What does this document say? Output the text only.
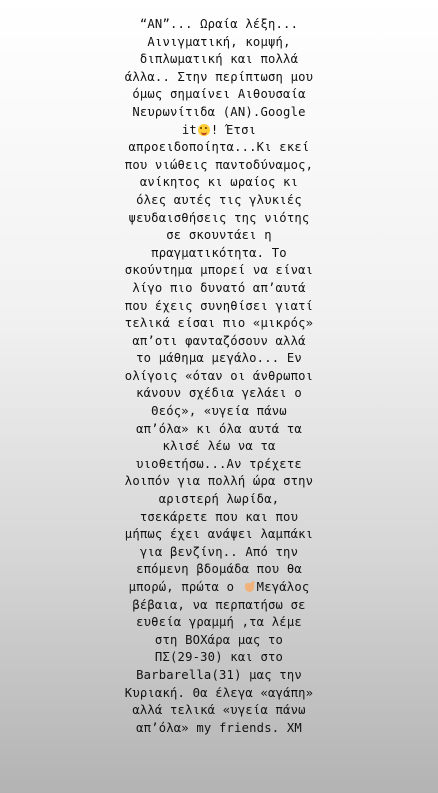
“ΑΝ”... Ωραία λέξη...
Αινιγματική, κομψή,
διπλωματική και πολλά
άλλα.. Στην περίπτωση μου
όμως σημαίνει Αιθουσαία
Νευρωνίτιδα (ΑΝ).Google
it ! Έτσι
απροειδοποίητα...Κι εκεί
που νιώθεις παντοδύναμος,
ανίκητος κι ωραίος κι
όλες αυτές τις γλυκιές
ψευδαισθήσεις της νιότης
σε σκουντάει η
πραγματικότητα. Το
σκούντημα μπορεί να είναι
λίγο πιο δυνατό απ’αυτά
που έχεις συνηθίσει γιατί
τελικά είσαι πιο «μικρός»
απ’οτι φανταζόσουν αλλά
το μάθημα μεγάλο... Εν
ολίγοις «όταν οι άνθρωποι
κάνουν σχέδια γελάει ο
Θεός», «υγεία πάνω
απ’όλα» κι όλα αυτά τα
κλισέ λέω να τα
υιοθετήσω...Αν τρέχετε
λοιπόν για πολλή ώρα στην
αριστερή λωρίδα,
τσεκάρετε που και που
μήπως έχει ανάψει λαμπάκι
για βενζίνη.. Από την
επόμενη βδομάδα που θα
μπορώ, πρώτα ο Μεγάλος
βέβαια, να περπατήσω σε
ευθεία γραμμή ,τα λέμε
στη ΒΟΧάρα μας το
ΠΣ(29-30) και στο
Barbarella(31) μας την
Κυριακή. Θα έλεγα «αγάπη»
αλλά τελικά «υγεία πάνω
απ’όλα» my friends. ΧΜ
